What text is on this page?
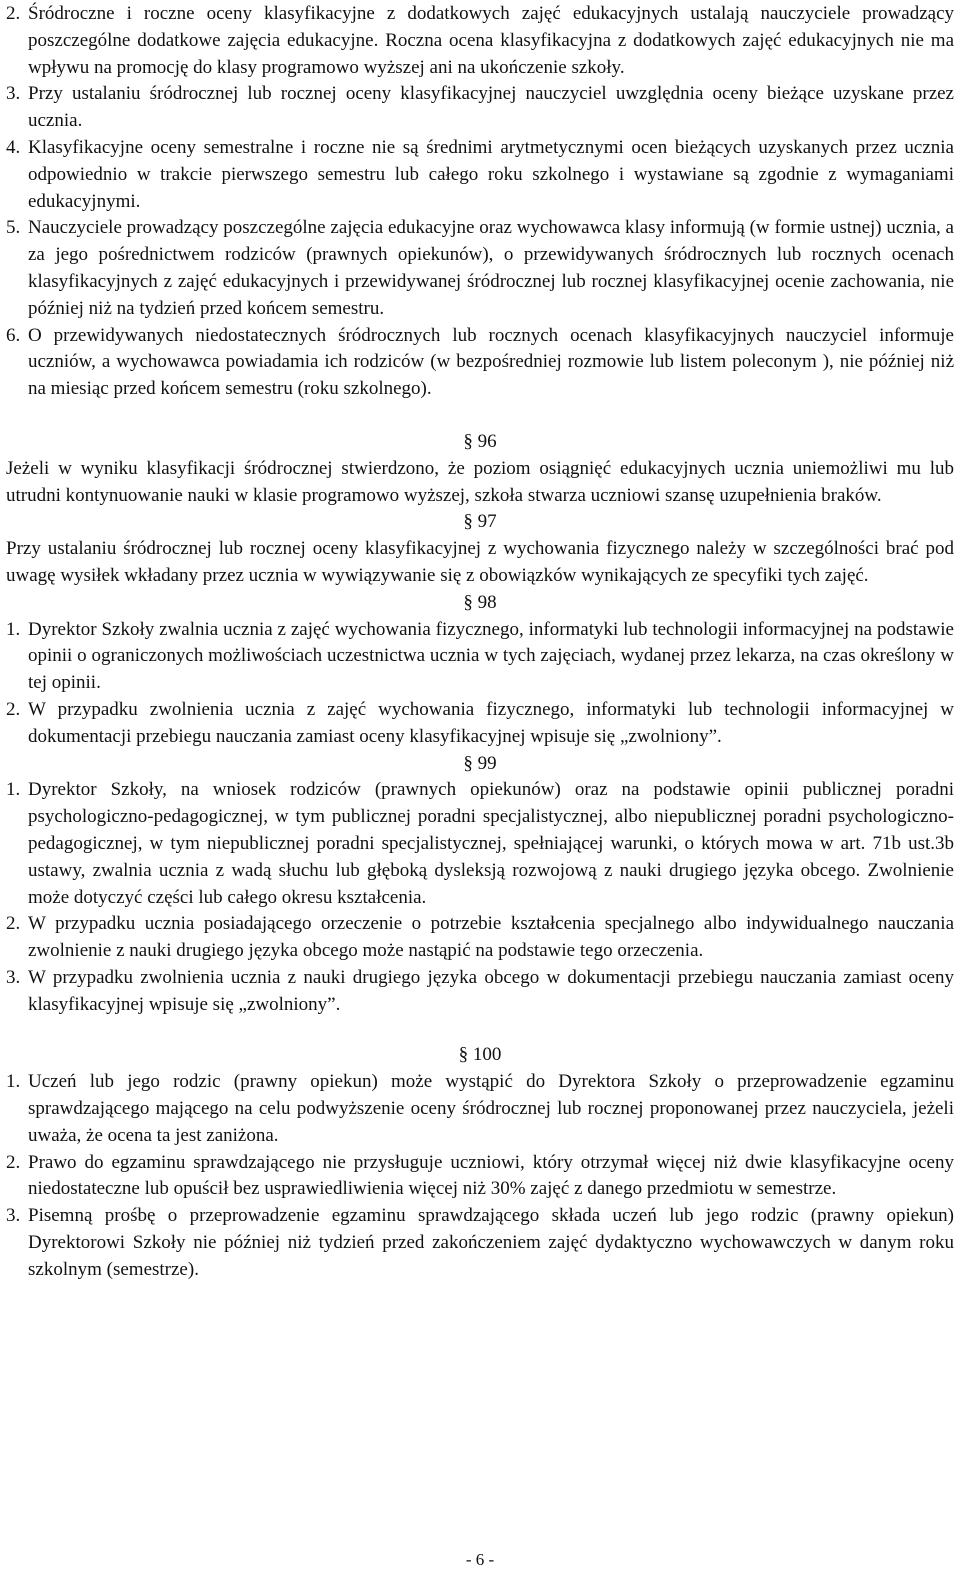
2. Śródroczne i roczne oceny klasyfikacyjne z dodatkowych zajęć edukacyjnych ustalają nauczyciele prowadzący poszczególne dodatkowe zajęcia edukacyjne. Roczna ocena klasyfikacyjna z dodatkowych zajęć edukacyjnych nie ma wpływu na promocję do klasy programowo wyższej ani na ukończenie szkoły.
3. Przy ustalaniu śródrocznej lub rocznej oceny klasyfikacyjnej nauczyciel uwzględnia oceny bieżące uzyskane przez ucznia.
4. Klasyfikacyjne oceny semestralne i roczne nie są średnimi arytmetycznymi ocen bieżących uzyskanych przez ucznia odpowiednio w trakcie pierwszego semestru lub całego roku szkolnego i wystawiane są zgodnie z wymaganiami edukacyjnymi.
5. Nauczyciele prowadzący poszczególne zajęcia edukacyjne oraz wychowawca klasy informują (w formie ustnej) ucznia, a za jego pośrednictwem rodziców (prawnych opiekunów), o przewidywanych śródrocznych lub rocznych ocenach klasyfikacyjnych z zajęć edukacyjnych i przewidywanej śródrocznej lub rocznej klasyfikacyjnej ocenie zachowania, nie później niż na tydzień przed końcem semestru.
6. O przewidywanych niedostatecznych śródrocznych lub rocznych ocenach klasyfikacyjnych nauczyciel informuje uczniów, a wychowawca powiadamia ich rodziców (w bezpośredniej rozmowie lub listem poleconym ), nie później niż na miesiąc przed końcem semestru (roku szkolnego).

§ 96

Jeżeli w wyniku klasyfikacji śródrocznej stwierdzono, że poziom osiągnięć edukacyjnych ucznia uniemożliwi mu lub utrudni kontynuowanie nauki w klasie programowo wyższej, szkoła stwarza uczniowi szansę uzupełnienia braków.

§ 97

Przy ustalaniu śródrocznej lub rocznej oceny klasyfikacyjnej z wychowania fizycznego należy w szczególności brać pod uwagę wysiłek wkładany przez ucznia w wywiązywanie się z obowiązków wynikających ze specyfiki tych zajęć.

§ 98

1. Dyrektor Szkoły zwalnia ucznia z zajęć wychowania fizycznego, informatyki lub technologii informacyjnej na podstawie opinii o ograniczonych możliwościach uczestnictwa ucznia w tych zajęciach, wydanej przez lekarza, na czas określony w tej opinii.
2. W przypadku zwolnienia ucznia z zajęć wychowania fizycznego, informatyki lub technologii informacyjnej w dokumentacji przebiegu nauczania zamiast oceny klasyfikacyjnej wpisuje się „zwolniony”.

§ 99

1. Dyrektor Szkoły, na wniosek rodziców (prawnych opiekunów) oraz na podstawie opinii publicznej poradni psychologiczno-pedagogicznej, w tym publicznej poradni specjalistycznej, albo niepublicznej poradni psychologiczno-pedagogicznej, w tym niepublicznej poradni specjalistycznej, spełniającej warunki, o których mowa w art. 71b ust.3b ustawy, zwalnia ucznia z wadą słuchu lub głęboką dysleksją rozwojową z nauki drugiego języka obcego. Zwolnienie może dotyczyć części lub całego okresu kształcenia.
2. W przypadku ucznia posiadającego orzeczenie o potrzebie kształcenia specjalnego albo indywidualnego nauczania zwolnienie z nauki drugiego języka obcego może nastąpić na podstawie tego orzeczenia.
3. W przypadku zwolnienia ucznia z nauki drugiego języka obcego w dokumentacji przebiegu nauczania zamiast oceny klasyfikacyjnej wpisuje się „zwolniony”.

§ 100

1. Uczeń lub jego rodzic (prawny opiekun) może wystąpić do Dyrektora Szkoły o przeprowadzenie egzaminu sprawdzającego mającego na celu podwyższenie oceny śródrocznej lub rocznej proponowanej przez nauczyciela, jeżeli uważa, że ocena ta jest zaniżona.
2. Prawo do egzaminu sprawdzającego nie przysługuje uczniowi, który otrzymał więcej niż dwie klasyfikacyjne oceny niedostateczne lub opuścił bez usprawiedliwienia więcej niż 30% zajęć z danego przedmiotu w semestrze.
3. Pisemną prośbę o przeprowadzenie egzaminu sprawdzającego składa uczeń lub jego rodzic (prawny opiekun) Dyrektorowi Szkoły nie później niż tydzień przed zakończeniem zajęć dydaktyczno wychowawczych w danym roku szkolnym (semestrze).
- 6 -
